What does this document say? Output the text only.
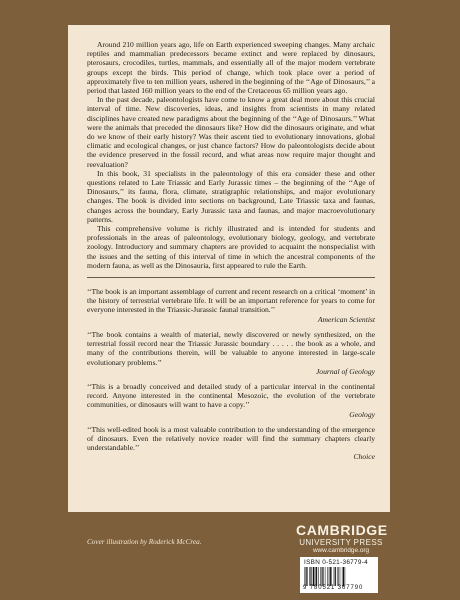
Around 210 million years ago, life on Earth experienced sweeping changes. Many archaic reptiles and mammalian predecessors became extinct and were replaced by dinosaurs, pterosaurs, crocodiles, turtles, mammals, and essentially all of the major modern vertebrate groups except the birds. This period of change, which took place over a period of approximately five to ten million years, ushered in the beginning of the ‘‘Age of Dinosaurs,’’ a period that lasted 160 million years to the end of the Cretaceous 65 million years ago.

In the past decade, paleontologists have come to know a great deal more about this crucial interval of time. New discoveries, ideas, and insights from scientists in many related disciplines have created new paradigms about the beginning of the ‘‘Age of Dinosaurs.’’ What were the animals that preceded the dinosaurs like? How did the dinosaurs originate, and what do we know of their early history? Was their ascent tied to evolutionary innovations, global climatic and ecological changes, or just chance factors? How do paleontologists decide about the evidence preserved in the fossil record, and what areas now require major thought and reevaluation?

In this book, 31 specialists in the paleontology of this era consider these and other questions related to Late Triassic and Early Jurassic times – the beginning of the ‘‘Age of Dinosaurs,’’ its fauna, flora, climate, stratigraphic relationships, and major evolutionary changes. The book is divided into sections on background, Late Triassic taxa and faunas, changes across the boundary, Early Jurassic taxa and faunas, and major macroevolutionary patterns.

This comprehensive volume is richly illustrated and is intended for students and professionals in the areas of paleontology, evolutionary biology, geology, and vertebrate zoology. Introductory and summary chapters are provided to acquaint the nonspecialist with the issues and the setting of this interval of time in which the ancestral components of the modern fauna, as well as the Dinosauria, first appeared to rule the Earth.

‘‘The book is an important assemblage of current and recent research on a critical ‘moment’ in the history of terrestrial vertebrate life. It will be an important reference for years to come for everyone interested in the Triassic-Jurassic faunal transition.’’

American Scientist

‘‘The book contains a wealth of material, newly discovered or newly synthesized, on the terrestrial fossil record near the Triassic Jurassic boundary . . . . . the book as a whole, and many of the contributions therein, will be valuable to anyone interested in large-scale evolutionary problems.’’

Journal of Geology

‘‘This is a broadly conceived and detailed study of a particular interval in the continental record. Anyone interested in the continental Mesozoic, the evolution of the vertebrate communities, or dinosaurs will want to have a copy.’’

Geology

‘‘This well-edited book is a most valuable contribution to the understanding of the emergence of dinosaurs. Even the relatively novice reader will find the summary chapters clearly understandable.’’

Choice

CAMBRIDGE
UNIVERSITY PRESS
www.cambridge.org
ISBN 0-521-36779-4
9 780521 367790
Cover illustration by Roderick McCrea.
